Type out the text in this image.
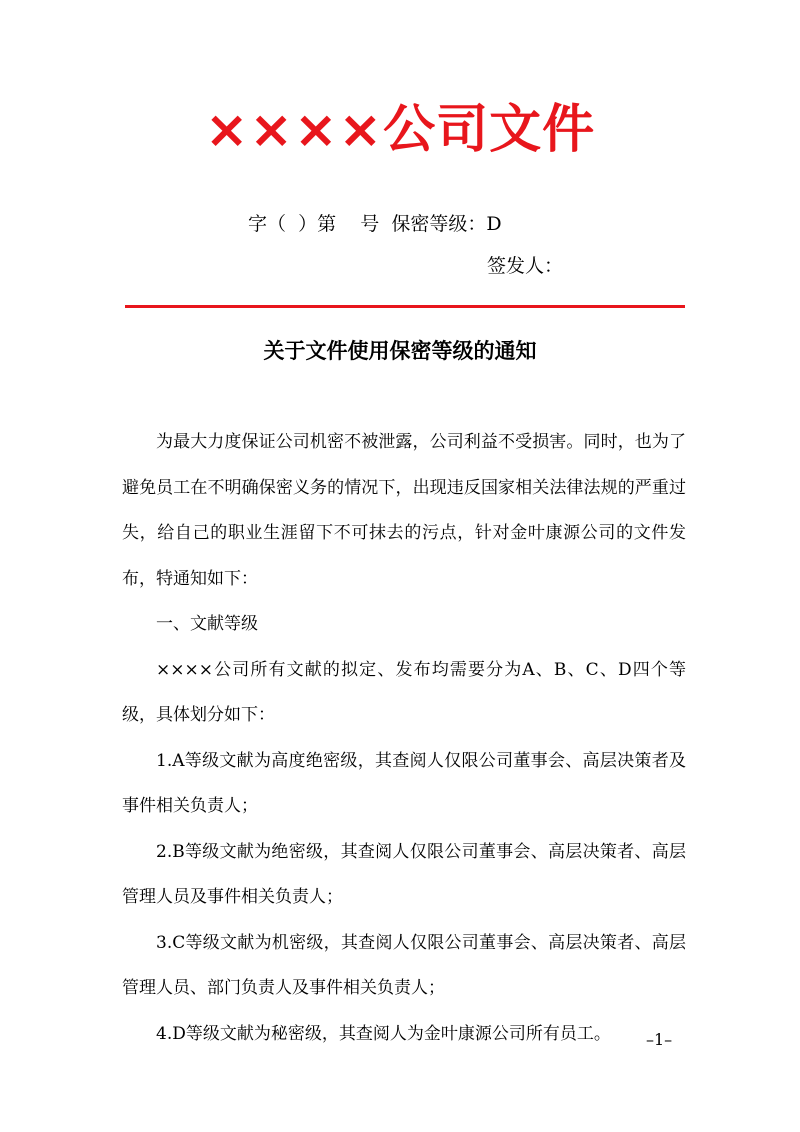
××××公司文件
字（  ）第    号  保密等级：D
签发人：
关于文件使用保密等级的通知

为最大力度保证公司机密不被泄露，公司利益不受损害。同时，也为了避免员工在不明确保密义务的情况下，出现违反国家相关法律法规的严重过失，给自己的职业生涯留下不可抹去的污点，针对金叶康源公司的文件发布，特通知如下：

一、文献等级

××××公司所有文献的拟定、发布均需要分为A、B、C、D四个等级，具体划分如下：

1.A等级文献为高度绝密级，其查阅人仅限公司董事会、高层决策者及事件相关负责人；

2.B等级文献为绝密级，其查阅人仅限公司董事会、高层决策者、高层管理人员及事件相关负责人；

3.C等级文献为机密级，其查阅人仅限公司董事会、高层决策者、高层管理人员、部门负责人及事件相关负责人；

4.D等级文献为秘密级，其查阅人为金叶康源公司所有员工。	–1–
